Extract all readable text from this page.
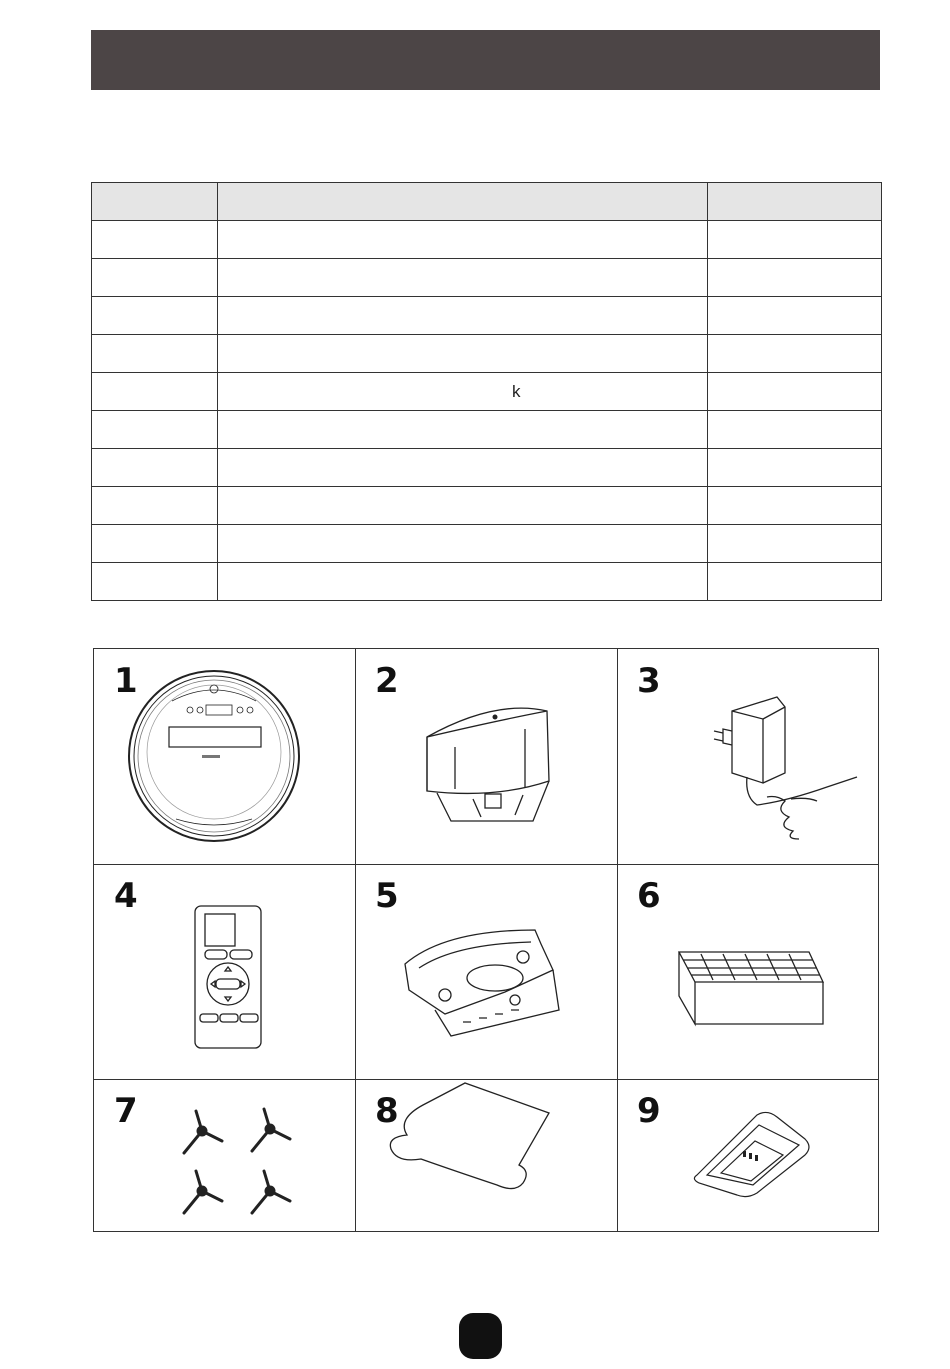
	k	

1	2	3
4	5	6
7	8	9
